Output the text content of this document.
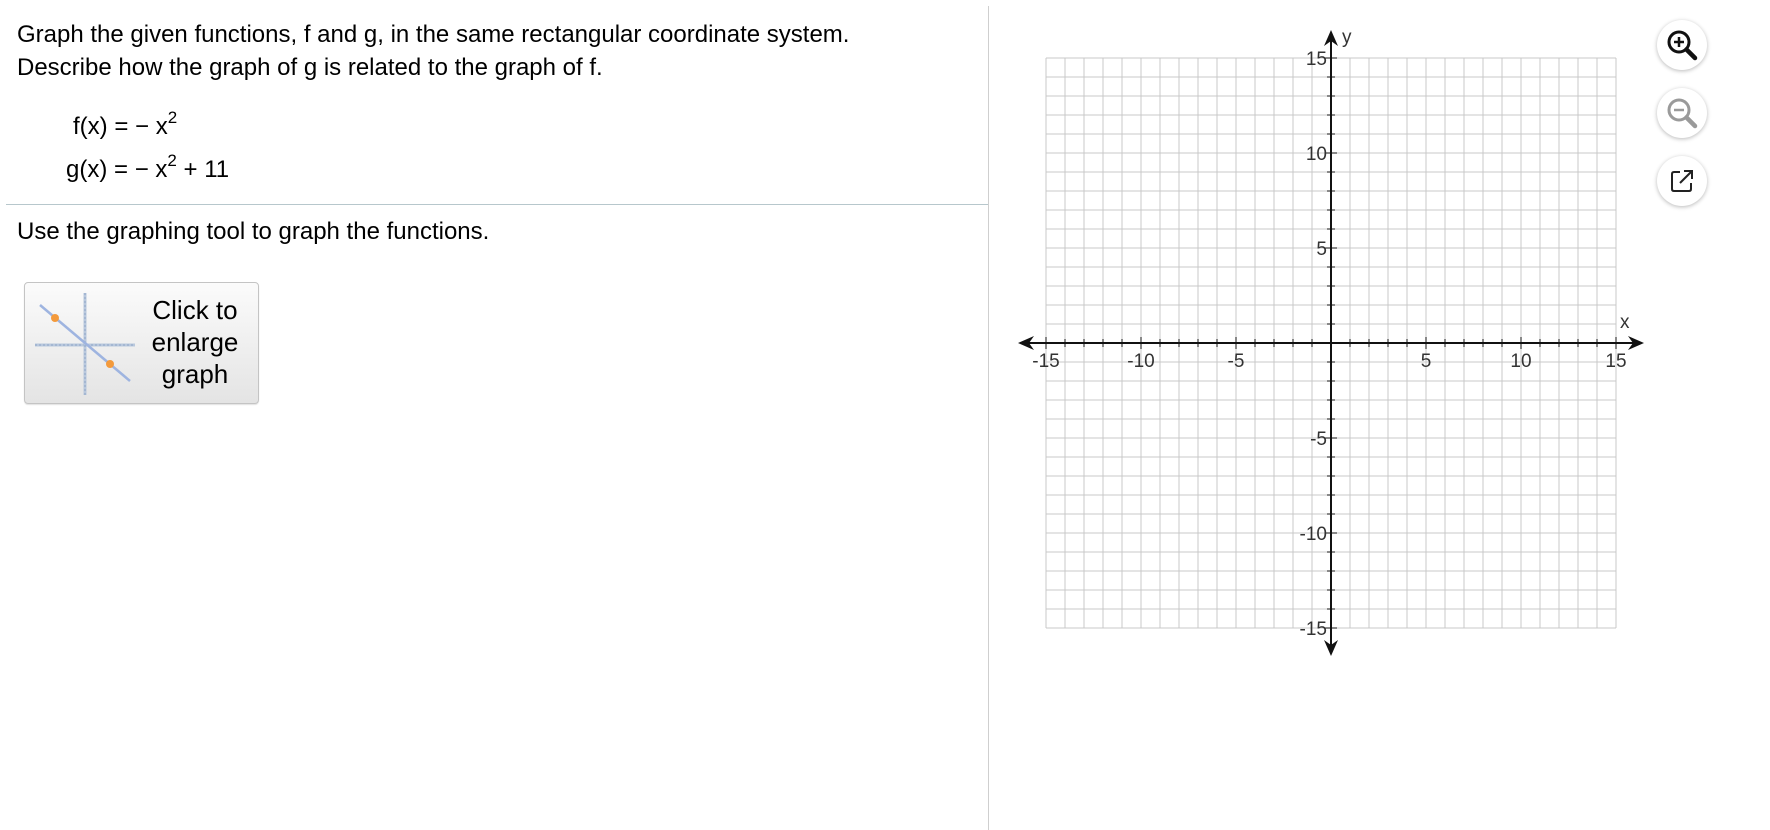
Graph the given functions, f and g, in the same rectangular coordinate system.
Describe how the graph of g is related to the graph of f.
f(x) = − $x^2$
g(x) = − $x^2 + 11$
Use the graphing tool to graph the functions.
Click to enlarge graph	-15	-10	-5	5	10	15
15
10
5
-5
-10
-15
x
y
